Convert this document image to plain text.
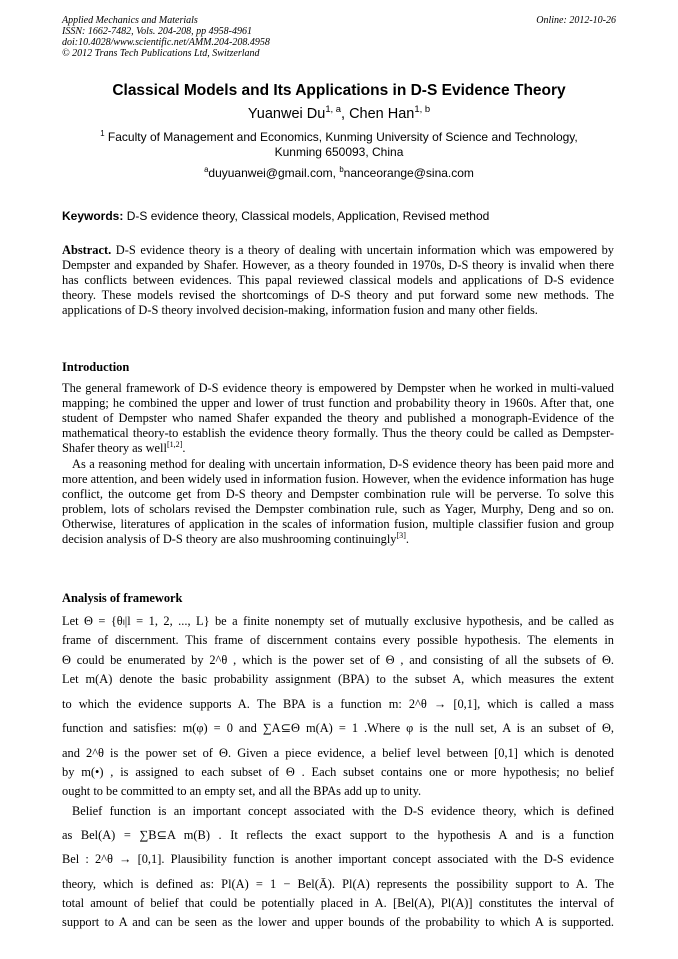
Applied Mechanics and Materials
ISSN: 1662-7482, Vols. 204-208, pp 4958-4961
doi:10.4028/www.scientific.net/AMM.204-208.4958
© 2012 Trans Tech Publications Ltd, Switzerland
Online: 2012-10-26
Classical Models and Its Applications in D-S Evidence Theory
Yuanwei Du$^{1, a}$, Chen Han$^{1, b}$
$^1$ Faculty of Management and Economics, Kunming University of Science and Technology,
Kunming 650093, China
$^a$duyuanwei@gmail.com, $^b$nanceorange@sina.com
Keywords: D-S evidence theory, Classical models, Application, Revised method
Abstract. D-S evidence theory is a theory of dealing with uncertain information which was empowered by Dempster and expanded by Shafer. However, as a theory founded in 1970s, D-S theory is invalid when there has conflicts between evidences. This papal reviewed classical models and applications of D-S evidence theory. These models revised the shortcomings of D-S theory and put forward some new methods. The applications of D-S theory involved decision-making, information fusion and many other fields.
Introduction
The general framework of D-S evidence theory is empowered by Dempster when he worked in multi-valued mapping; he combined the upper and lower of trust function and probability theory in 1960s. After that, one student of Dempster who named Shafer expanded the theory and published a monograph-Evidence of the mathematical theory-to establish the evidence theory formally. Thus the theory could be called as Dempster-Shafer theory as well[1,2].
As a reasoning method for dealing with uncertain information, D-S evidence theory has been paid more and more attention, and been widely used in information fusion. However, when the evidence information has huge conflict, the outcome get from D-S theory and Dempster combination rule will be perverse. To solve this problem, lots of scholars revised the Dempster combination rule, such as Yager, Murphy, Deng and so on. Otherwise, literatures of application in the scales of information fusion, multiple classifier fusion and group decision analysis of D-S theory are also mushrooming continuingly[3].
Analysis of framework
Let Θ = {θₗ|l = 1, 2, ..., L} be a finite nonempty set of mutually exclusive hypothesis, and be called as
frame of discernment. This frame of discernment contains every possible hypothesis. The elements in
Θ could be enumerated by 2^θ , which is the power set of Θ , and consisting of all the subsets of Θ.
Let m(A) denote the basic probability assignment (BPA) to the subset A, which measures the extent
to which the evidence supports A. The BPA is a function m: 2^θ → [0,1], which is called a mass
function and satisfies: m(φ) = 0 and ∑A⊆Θ m(A) = 1 .Where φ is the null set, A is an subset of Θ,
and 2^θ is the power set of Θ. Given a piece evidence, a belief level between [0,1] which is denoted
by m(•) , is assigned to each subset of Θ . Each subset contains one or more hypothesis; no belief
ought to be committed to an empty set, and all the BPAs add up to unity.
Belief function is an important concept associated with the D-S evidence theory, which is defined
as Bel(A) = ∑B⊆A m(B) . It reflects the exact support to the hypothesis A and is a function
Bel : 2^θ → [0,1]. Plausibility function is another important concept associated with the D-S evidence
theory, which is defined as: Pl(A) = 1 − Bel(Ā). Pl(A) represents the possibility support to A. The
total amount of belief that could be potentially placed in A. [Bel(A), Pl(A)] constitutes the interval of
support to A and can be seen as the lower and upper bounds of the probability to which A is supported.
